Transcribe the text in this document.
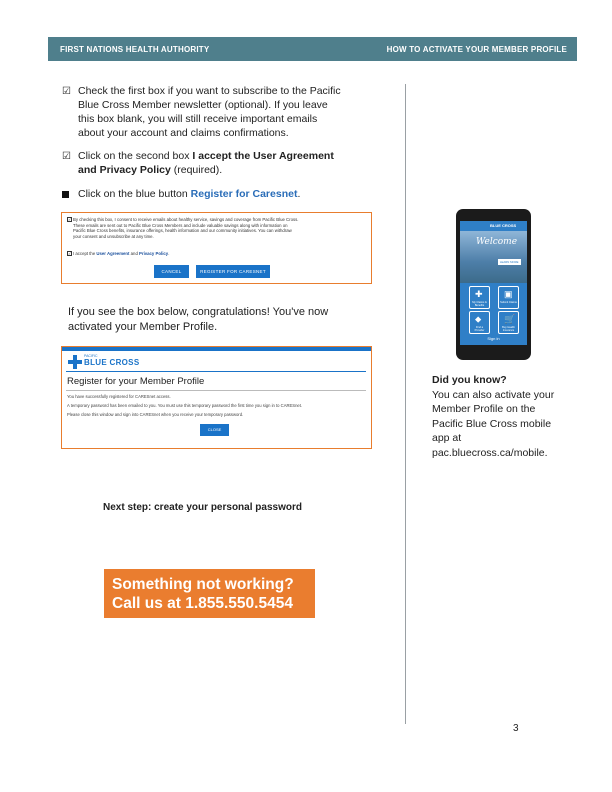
FIRST NATIONS HEALTH AUTHORITY	HOW TO ACTIVATE YOUR MEMBER PROFILE
☑ Check the first box if you want to subscribe to the Pacific
Blue Cross Member newsletter (optional). If you leave
this box blank, you will still receive important emails
about your account and claims confirmations.
☑ Click on the second box I accept the User Agreement
and Privacy Policy (required).
Click on the blue button Register for Caresnet.
✓ By checking this box, I consent to receive emails about healthy service, savings and coverage from Pacific Blue Cross.
These emails are sent out to Pacific Blue Cross Members and include valuable savings along with information on
Pacific Blue Cross benefits, insurance offerings, health information and our community initiatives. You can withdraw
your consent and unsubscribe at any time.
✓ I accept the User Agreement and Privacy Policy.
CANCEL	REGISTER FOR CARESNET
If you see the box below, congratulations! You've now
activated your Member Profile.
PACIFIC
BLUE CROSS
Register for your Member Profile
You have successfully registered for CARESnet access.
A temporary password has been emailed to you. You must use this temporary password the first time you sign in to CARESnet.
Please close this window and sign into CARESnet when you receive your temporary password.
CLOSE
Next step: create your personal password
Something not working?
Call us at 1.855.550.5454
BLUE CROSS
Welcome
LEARN MORE
✚
My Claims & Benefits
▣
Submit Claims
⬥
Find a Provider
🛒
Buy Health Insurance
Sign in
Did you know?
You can also activate your
Member Profile on the
Pacific Blue Cross mobile
app at
pac.bluecross.ca/mobile.
3
